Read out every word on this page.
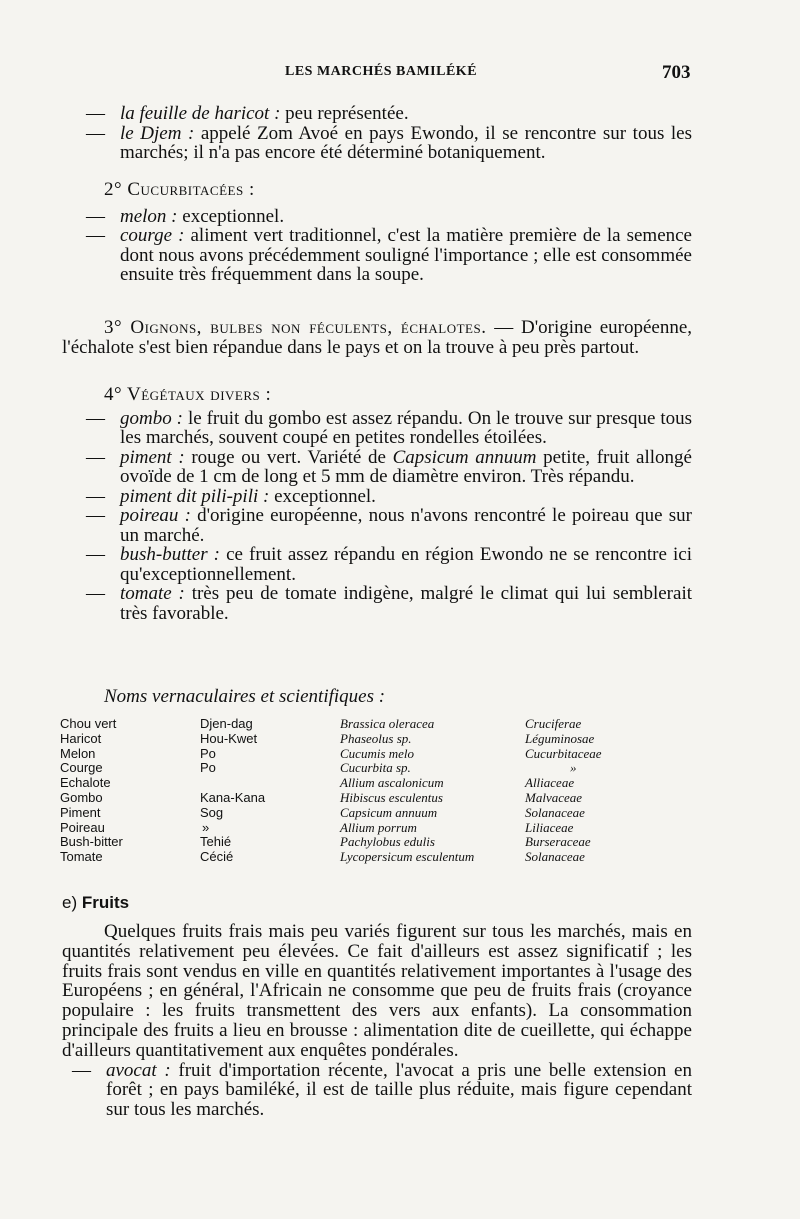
LES MARCHÉS BAMILÉKÉ	703

— la feuille de haricot : peu représentée.

— le Djem : appelé Zom Avoé en pays Ewondo, il se rencontre sur tous les marchés; il n'a pas encore été déterminé botaniquement.

2° Cucurbitacées :

— melon : exceptionnel.

— courge : aliment vert traditionnel, c'est la matière première de la semence dont nous avons précédemment souligné l'importance ; elle est consommée ensuite très fréquemment dans la soupe.

3° Oignons, bulbes non féculents, échalotes. — D'origine européenne, l'échalote s'est bien répandue dans le pays et on la trouve à peu près partout.

4° Végétaux divers :

— gombo : le fruit du gombo est assez répandu. On le trouve sur presque tous les marchés, souvent coupé en petites rondelles étoilées.

— piment : rouge ou vert. Variété de Capsicum annuum petite, fruit allongé ovoïde de 1 cm de long et 5 mm de diamètre environ. Très répandu.

— piment dit pili-pili : exceptionnel.

— poireau : d'origine européenne, nous n'avons rencontré le poireau que sur un marché.

— bush-butter : ce fruit assez répandu en région Ewondo ne se rencontre ici qu'exceptionnellement.

— tomate : très peu de tomate indigène, malgré le climat qui lui semblerait très favorable.

Noms vernaculaires et scientifiques :
Chou vert	Djen-dag	Brassica oleracea	Cruciferae
Haricot	Hou-Kwet	Phaseolus sp.	Léguminosae
Melon	Po	Cucumis melo	Cucurbitaceae
Courge	Po	Cucurbita sp.	»
Echalote		Allium ascalonicum	Alliaceae
Gombo	Kana-Kana	Hibiscus esculentus	Malvaceae
Piment	Sog	Capsicum annuum	Solanaceae
Poireau	»	Allium porrum	Liliaceae
Bush-bitter	Tehié	Pachylobus edulis	Burseraceae
Tomate	Cécié	Lycopersicum esculentum	Solanaceae
e) Fruits

Quelques fruits frais mais peu variés figurent sur tous les marchés, mais en quantités relativement peu élevées. Ce fait d'ailleurs est assez significatif ; les fruits frais sont vendus en ville en quantités relativement importantes à l'usage des Européens ; en général, l'Africain ne consomme que peu de fruits frais (croyance populaire : les fruits transmettent des vers aux enfants). La consommation principale des fruits a lieu en brousse : alimentation dite de cueillette, qui échappe d'ailleurs quantitativement aux enquêtes pondérales.

— avocat : fruit d'importation récente, l'avocat a pris une belle extension en forêt ; en pays bamiléké, il est de taille plus réduite, mais figure cependant sur tous les marchés.
